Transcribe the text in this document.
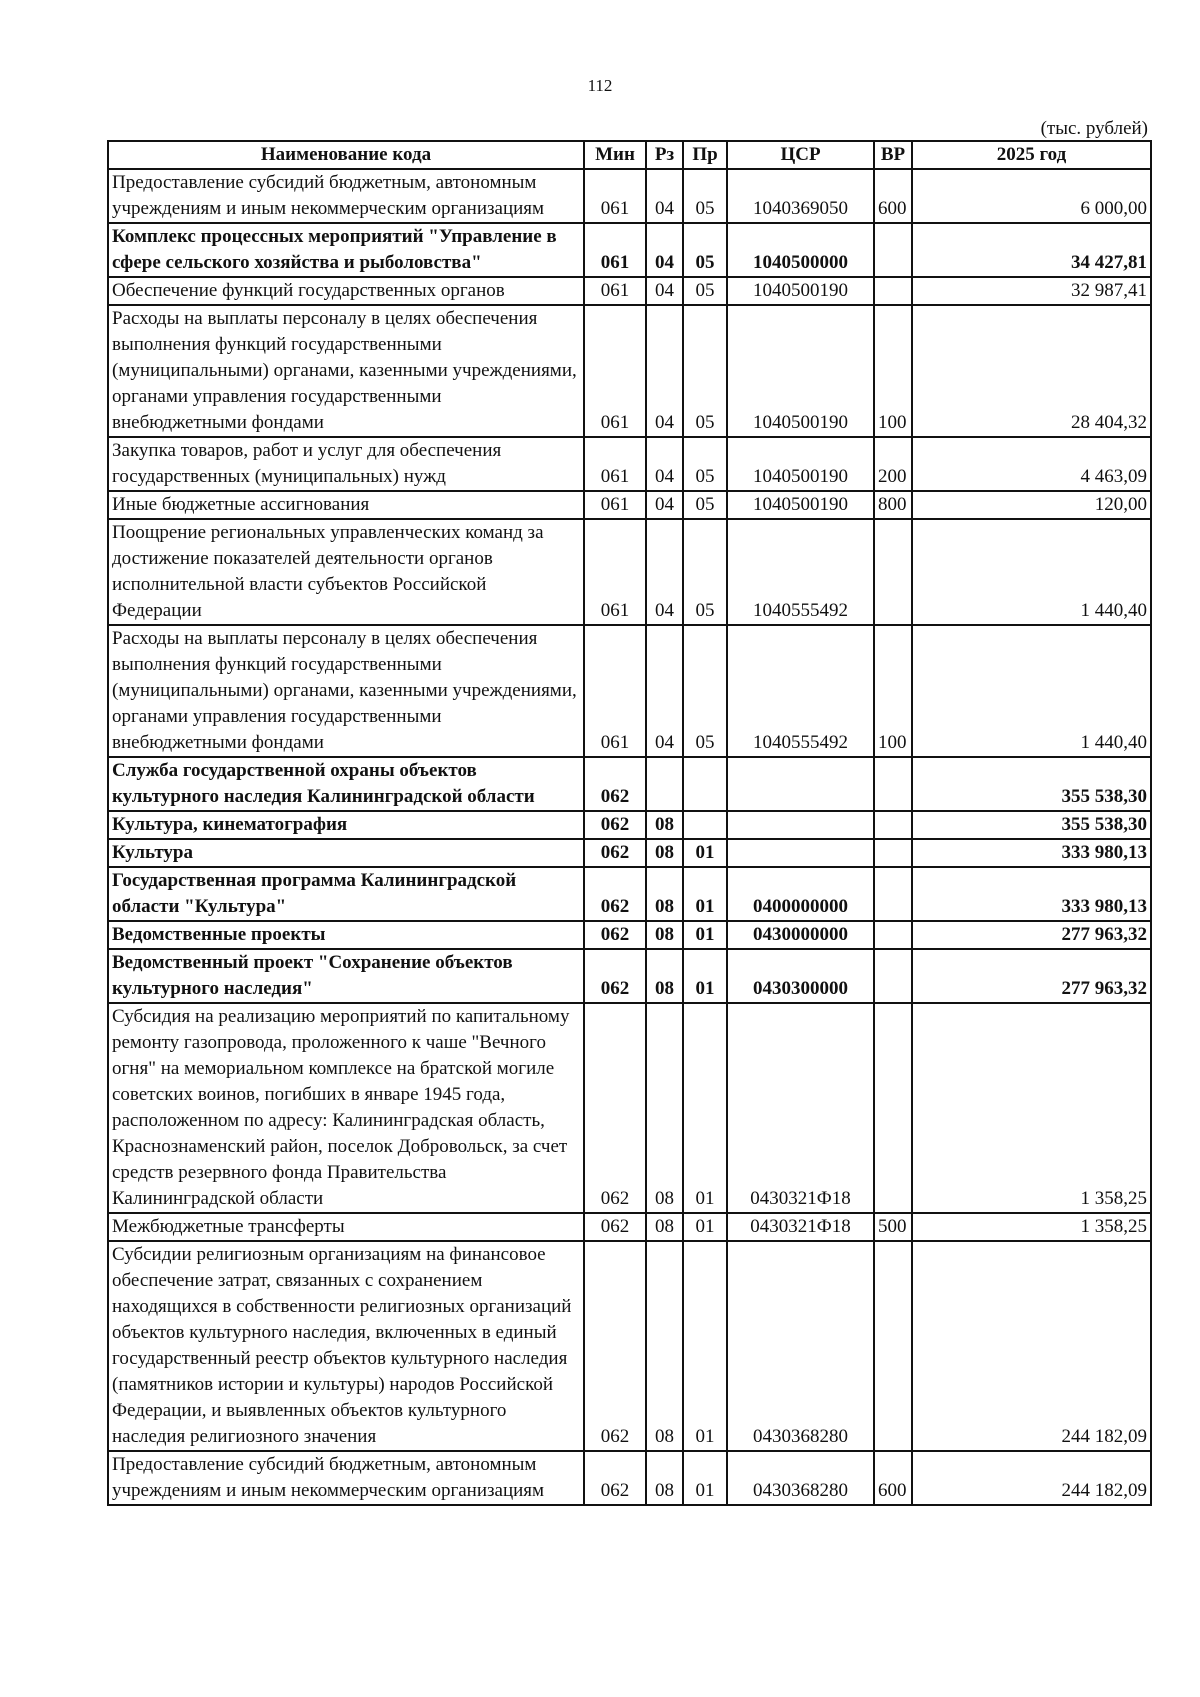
112
(тыс. рублей)
Наименование кода	Мин	Рз	Пр	ЦСР	ВР	2025 год
Предоставление субсидий бюджетным, автономным учреждениям и иным некоммерческим организациям	061	04	05	1040369050	600	6 000,00
Комплекс процессных мероприятий "Управление в сфере сельского хозяйства и рыболовства"	061	04	05	1040500000		34 427,81
Обеспечение функций государственных органов	061	04	05	1040500190		32 987,41
Расходы на выплаты персоналу в целях обеспечения выполнения функций государственными (муниципальными) органами, казенными учреждениями, органами управления государственными внебюджетными фондами	061	04	05	1040500190	100	28 404,32
Закупка товаров, работ и услуг для обеспечения государственных (муниципальных) нужд	061	04	05	1040500190	200	4 463,09
Иные бюджетные ассигнования	061	04	05	1040500190	800	120,00
Поощрение региональных управленческих команд за достижение показателей деятельности органов исполнительной власти субъектов Российской Федерации	061	04	05	1040555492		1 440,40
Расходы на выплаты персоналу в целях обеспечения выполнения функций государственными (муниципальными) органами, казенными учреждениями, органами управления государственными внебюджетными фондами	061	04	05	1040555492	100	1 440,40
Служба государственной охраны объектов культурного наследия Калининградской области	062					355 538,30
Культура, кинематография	062	08				355 538,30
Культура	062	08	01			333 980,13
Государственная программа Калининградской области "Культура"	062	08	01	0400000000		333 980,13
Ведомственные проекты	062	08	01	0430000000		277 963,32
Ведомственный проект "Сохранение объектов культурного наследия"	062	08	01	0430300000		277 963,32
Субсидия на реализацию мероприятий по капитальному ремонту газопровода, проложенного к чаше "Вечного огня" на мемориальном комплексе на братской могиле советских воинов, погибших в январе 1945 года, расположенном по адресу: Калининградская область, Краснознаменский район, поселок Добровольск, за счет средств резервного фонда Правительства Калининградской области	062	08	01	0430321Ф18		1 358,25
Межбюджетные трансферты	062	08	01	0430321Ф18	500	1 358,25
Субсидии религиозным организациям на финансовое обеспечение затрат, связанных с сохранением находящихся в собственности религиозных организаций объектов культурного наследия, включенных в единый государственный реестр объектов культурного наследия (памятников истории и культуры) народов Российской Федерации, и выявленных объектов культурного наследия религиозного значения	062	08	01	0430368280		244 182,09
Предоставление субсидий бюджетным, автономным учреждениям и иным некоммерческим организациям	062	08	01	0430368280	600	244 182,09
